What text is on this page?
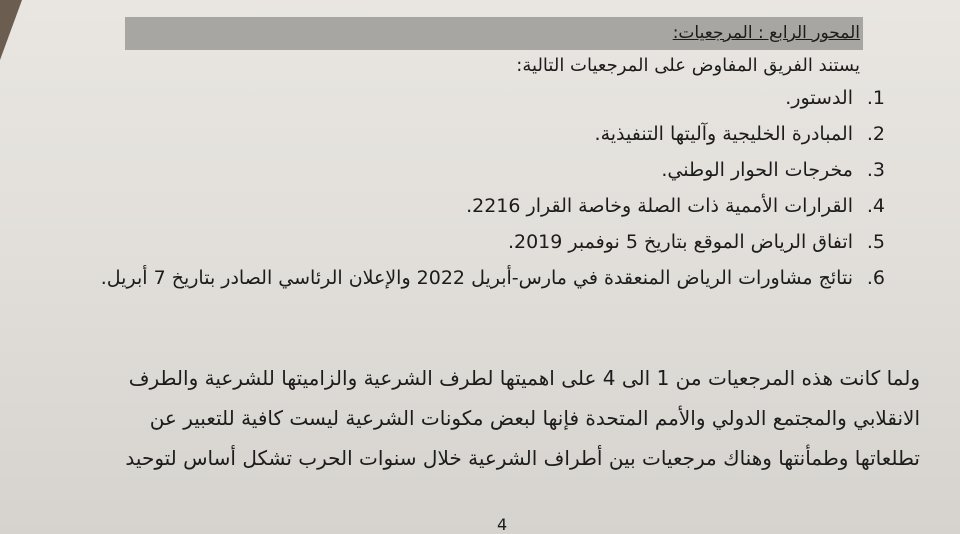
المحور الرابع : المرجعيات:
يستند الفريق المفاوض على المرجعيات التالية:
1.الدستور.
2.المبادرة الخليجية وآليتها التنفيذية.
3.مخرجات الحوار الوطني.
4.القرارات الأممية ذات الصلة وخاصة القرار 2216.
5.اتفاق الرياض الموقع بتاريخ 5 نوفمبر 2019.
6.نتائج مشاورات الرياض المنعقدة في مارس-أبريل 2022 والإعلان الرئاسي الصادر بتاريخ 7 أبريل.
ولما كانت هذه المرجعيات من 1 الى 4 على اهميتها لطرف الشرعية والزاميتها للشرعية والطرف
الانقلابي والمجتمع الدولي والأمم المتحدة فإنها لبعض مكونات الشرعية ليست كافية للتعبير عن
تطلعاتها وطمأنتها وهناك مرجعيات بين أطراف الشرعية خلال سنوات الحرب تشكل أساس لتوحيد
4
